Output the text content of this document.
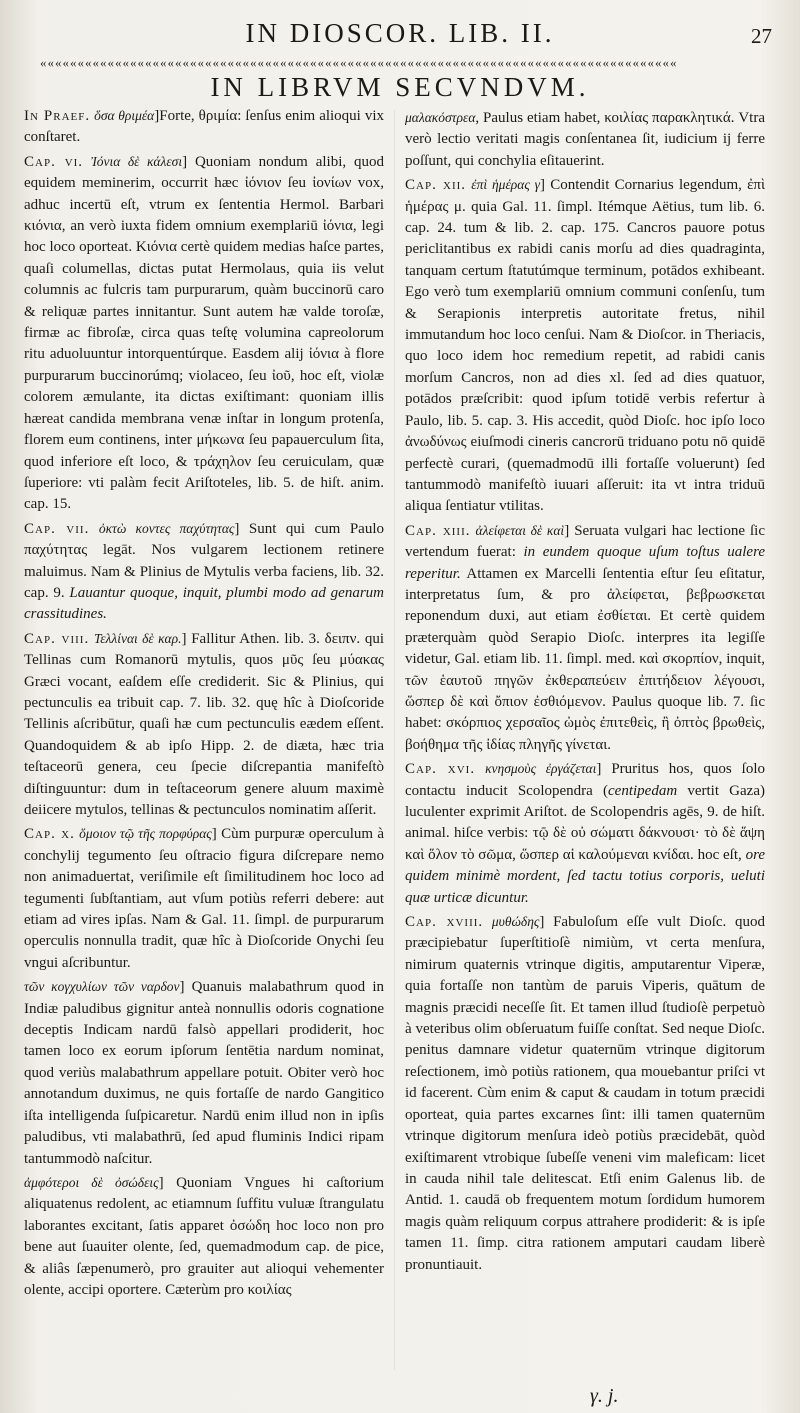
IN DIOSCOR. LIB. II.	27
«««««««««««««««««««««««««««««««««««««««««««««««««««««««««««««««««««««««««««««««««««««
IN LIBRVM SECVNDVM.

In Praef. ὅσα θριμέα]Forte, θριμία: ſenſus enim alioqui vix conſtaret.

Cap. vi. Ἰόνια δὲ κάλεσι] Quoniam nondum alibi, quod equidem meminerim, occurrit hæc ἰόνιον ſeu ἰονίων vox, adhuc incertū eſt, vtrum ex ſententia Hermol. Barbari κιόνια, an verò iuxta fidem omnium exemplariū ἰόνια, legi hoc loco oporteat. Κιόνια certè quidem medias haſce partes, quaſi columellas, dictas putat Hermolaus, quia iis velut columnis ac fulcris tam purpurarum, quàm buccinorū caro & reliquæ partes innitantur. Sunt autem hæ valde toroſæ, firmæ ac fibroſæ, circa quas teſtę volumina capreolorum ritu aduoluuntur intorquentúrque. Easdem alij ἰόνια à flore purpurarum buccinorúmq; violaceo, ſeu ἰοῦ, hoc eſt, violæ colorem æmulante, ita dictas exiſtimant: quoniam illis hæreat candida membrana venæ inſtar in longum protenſa, florem eum continens, inter μήκωνα ſeu papauerculum ſita, quod inferiore eſt loco, & τράχηλον ſeu ceruiculam, quæ ſuperiore: vti palàm fecit Ariſtoteles, lib. 5. de hiſt. anim. cap. 15.

Cap. vii. ὀκτὼ κοντες παχύτητας] Sunt qui cum Paulo παχύτητας legāt. Nos vulgarem lectionem retinere maluimus. Nam & Plinius de Mytulis verba faciens, lib. 32. cap. 9. Lauantur quoque, inquit, plumbi modo ad genarum crassitudines.

Cap. viii. Τελλίναι δὲ καρ.] Fallitur Athen. lib. 3. δειπν. qui Tellinas cum Romanorū mytulis, quos μῦς ſeu μύακας Græci vocant, eaſdem eſſe crediderit. Sic & Plinius, qui pectunculis ea tribuit cap. 7. lib. 32. quę hîc à Dioſcoride Tellinis aſcribūtur, quaſi hæ cum pectunculis eædem eſſent. Quandoquidem & ab ipſo Hipp. 2. de diæta, hæc tria teſtaceorū genera, ceu ſpecie diſcrepantia manifeſtò diſtinguuntur: dum in teſtaceorum genere aluum maximè deiicere mytulos, tellinas & pectunculos nominatim aſſerit.

Cap. x. ὅμοιον τῷ τῆς πορφύρας] Cùm purpuræ operculum à conchylij tegumento ſeu oſtracio figura diſcrepare nemo non animaduertat, veriſimile eſt ſimilitudinem hoc loco ad tegumenti ſubſtantiam, aut vſum potiùs referri debere: aut etiam ad vires ipſas. Nam & Gal. 11. ſimpl. de purpurarum operculis nonnulla tradit, quæ hîc à Dioſcoride Onychi ſeu vngui aſcribuntur.

τῶν κογχυλίων τῶν ναρδον] Quanuis malabathrum quod in Indiæ paludibus gignitur anteà nonnullis odoris cognatione deceptis Indicam nardū falsò appellari prodiderit, hoc tamen loco ex eorum ipſorum ſentētia nardum nominat, quod veriùs malabathrum appellare potuit. Obiter verò hoc annotandum duximus, ne quis fortaſſe de nardo Gangitico iſta intelligenda ſuſpicaretur. Nardū enim illud non in ipſis paludibus, vti malabathrū, ſed apud fluminis Indici ripam tantummodò naſcitur.

ἀμφότεροι δὲ ὀσώδεις] Quoniam Vngues hi caſtorium aliquatenus redolent, ac etiamnum ſuffitu vuluæ ſtrangulatu laborantes excitant, ſatis apparet ὀσώδη hoc loco non pro bene aut ſuauiter olente, ſed, quemadmodum cap. de pice, & aliâs ſæpenumerò, pro grauiter aut alioqui vehementer olente, accipi oportere. Cæterùm pro κοιλίας

μαλακόστρεα, Paulus etiam habet, κοιλίας παρακλητικά. Vtra verò lectio veritati magis conſentanea ſit, iudicium ij ferre poſſunt, qui conchylia eſitauerint.

Cap. xii. ἐπὶ ἡμέρας γ] Contendit Cornarius legendum, ἐπὶ ἡμέρας μ. quia Gal. 11. ſimpl. Itémque Aëtius, tum lib. 6. cap. 24. tum & lib. 2. cap. 175. Cancros pauore potus periclitantibus ex rabidi canis morſu ad dies quadraginta, tanquam certum ſtatutúmque terminum, potādos exhibeant. Ego verò tum exemplariū omnium communi conſenſu, tum & Serapionis interpretis autoritate fretus, nihil immutandum hoc loco cenſui. Nam & Dioſcor. in Theriacis, quo loco idem hoc remedium repetit, ad rabidi canis morſum Cancros, non ad dies xl. ſed ad dies quatuor, potādos præſcribit: quod ipſum totidē verbis refertur à Paulo, lib. 5. cap. 3. His accedit, quòd Dioſc. hoc ipſo loco ἀνωδύνως eiuſmodi cineris cancrorū triduano potu nō quidē perfectè curari, (quemadmodū illi fortaſſe voluerunt) ſed tantummodò manifeſtò iuuari aſſeruit: ita vt intra triduū aliqua ſentiatur vtilitas.

Cap. xiii. ἀλείφεται δὲ καὶ] Seruata vulgari hac lectione ſic vertendum fuerat: in eundem quoque uſum toſtus ualere reperitur. Attamen ex Marcelli ſententia eſtur ſeu eſitatur, interpretatus ſum, & pro ἀλείφεται, βεβρωσκεται reponendum duxi, aut etiam ἐσθίεται. Et certè quidem præterquàm quòd Serapio Dioſc. interpres ita legiſſe videtur, Gal. etiam lib. 11. ſimpl. med. καὶ σκορπίον, inquit, τῶν ἑαυτοῦ πηγῶν ἐκθεραπεύειν ἐπιτήδειον λέγουσι, ὥσπερ δὲ καὶ ὄπιον ἐσθιόμενον. Paulus quoque lib. 7. ſic habet: σκόρπιος χερσαῖος ὠμὸς ἐπιτεθεὶς, ἢ ὀπτὸς βρωθεὶς, βοήθημα τῆς ἰδίας πληγῆς γίνεται.

Cap. xvi. κνησμοὺς ἐργάζεται] Pruritus hos, quos ſolo contactu inducit Scolopendra (centipedam vertit Gaza) luculenter exprimit Ariſtot. de Scolopendris agēs, 9. de hiſt. animal. hiſce verbis: τῷ δὲ οὐ σώματι δάκνουσι· τὸ δὲ ἅψη καὶ ὅλον τὸ σῶμα, ὥσπερ αἱ καλούμεναι κνίδαι. hoc eſt, ore quidem minimè mordent, ſed tactu totius corporis, ueluti quæ urticæ dicuntur.

Cap. xviii. μυθώδης] Fabuloſum eſſe vult Dioſc. quod præcipiebatur ſuperſtitioſè nimiùm, vt certa menſura, nimirum quaternis vtrinque digitis, amputarentur Viperæ, quia fortaſſe non tantùm de paruis Viperis, quātum de magnis præcidi neceſſe ſit. Et tamen illud ſtudioſè perpetuò à veteribus olim obſeruatum fuiſſe conſtat. Sed neque Dioſc. penitus damnare videtur quaternūm vtrinque digitorum reſectionem, imò potiùs rationem, qua mouebantur priſci vt id facerent. Cùm enim & caput & caudam in totum præcidi oporteat, quia partes excarnes ſint: illi tamen quaternūm vtrinque digitorum menſura ideò potiùs præcidebāt, quòd exiſtimarent vtrobique ſubeſſe veneni vim maleficam: licet in cauda nihil tale delitescat. Etſi enim Galenus lib. de Antid. 1. caudā ob frequentem motum ſordidum humorem magis quàm reliquum corpus attrahere prodiderit: & is ipſe tamen 11. ſimp. citra rationem amputari caudam liberè pronuntiauit.

γ. j.
